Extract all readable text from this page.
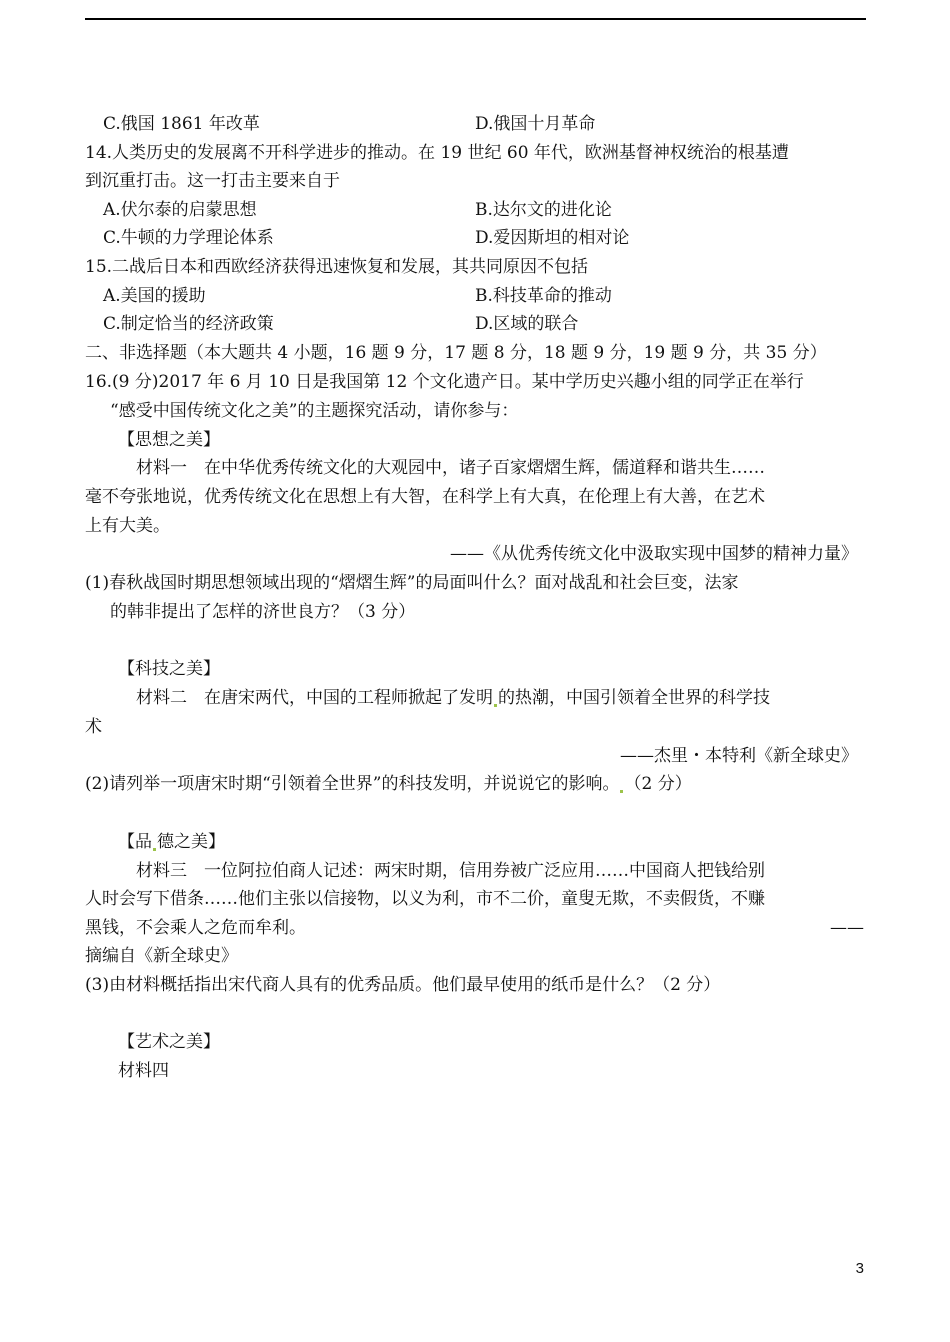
C.俄国 1861 年改革	D.俄国十月革命
14.人类历史的发展离不开科学进步的推动。在 19 世纪 60 年代，欧洲基督神权统治的根基遭
到沉重打击。这一打击主要来自于
A.伏尔泰的启蒙思想	B.达尔文的进化论
C.牛顿的力学理论体系	D.爱因斯坦的相对论
15.二战后日本和西欧经济获得迅速恢复和发展，其共同原因不包括
A.美国的援助	B.科技革命的推动
C.制定恰当的经济政策	D.区域的联合
二、非选择题（本大题共 4 小题，16 题 9 分，17 题 8 分，18 题 9 分，19 题 9 分，共 35 分）
16.(9 分)2017 年 6 月 10 日是我国第 12 个文化遗产日。某中学历史兴趣小组的同学正在举行
“感受中国传统文化之美”的主题探究活动，请你参与：
【思想之美】
材料一　在中华优秀传统文化的大观园中，诸子百家熠熠生辉，儒道释和谐共生……
毫不夸张地说，优秀传统文化在思想上有大智，在科学上有大真，在伦理上有大善，在艺术
上有大美。
——《从优秀传统文化中汲取实现中国梦的精神力量》
(1)春秋战国时期思想领域出现的“熠熠生辉”的局面叫什么？面对战乱和社会巨变，法家
的韩非提出了怎样的济世良方？（3 分）
【科技之美】
材料二　在唐宋两代，中国的工程师掀起了发明 的热潮，中国引领着全世界的科学技
术
——杰里・本特利《新全球史》
(2)请列举一项唐宋时期“引领着全世界”的科技发明，并说说它的影响。 （2 分）
【品 德之美】
材料三　一位阿拉伯商人记述：两宋时期，信用券被广泛应用……中国商人把钱给别
人时会写下借条……他们主张以信接物，以义为利，市不二价，童叟无欺，不卖假货，不赚
黑钱，不会乘人之危而牟利。	——
摘编自《新全球史》
(3)由材料概括指出宋代商人具有的优秀品质。他们最早使用的纸币是什么？（2 分）
【艺术之美】
材料四
3
